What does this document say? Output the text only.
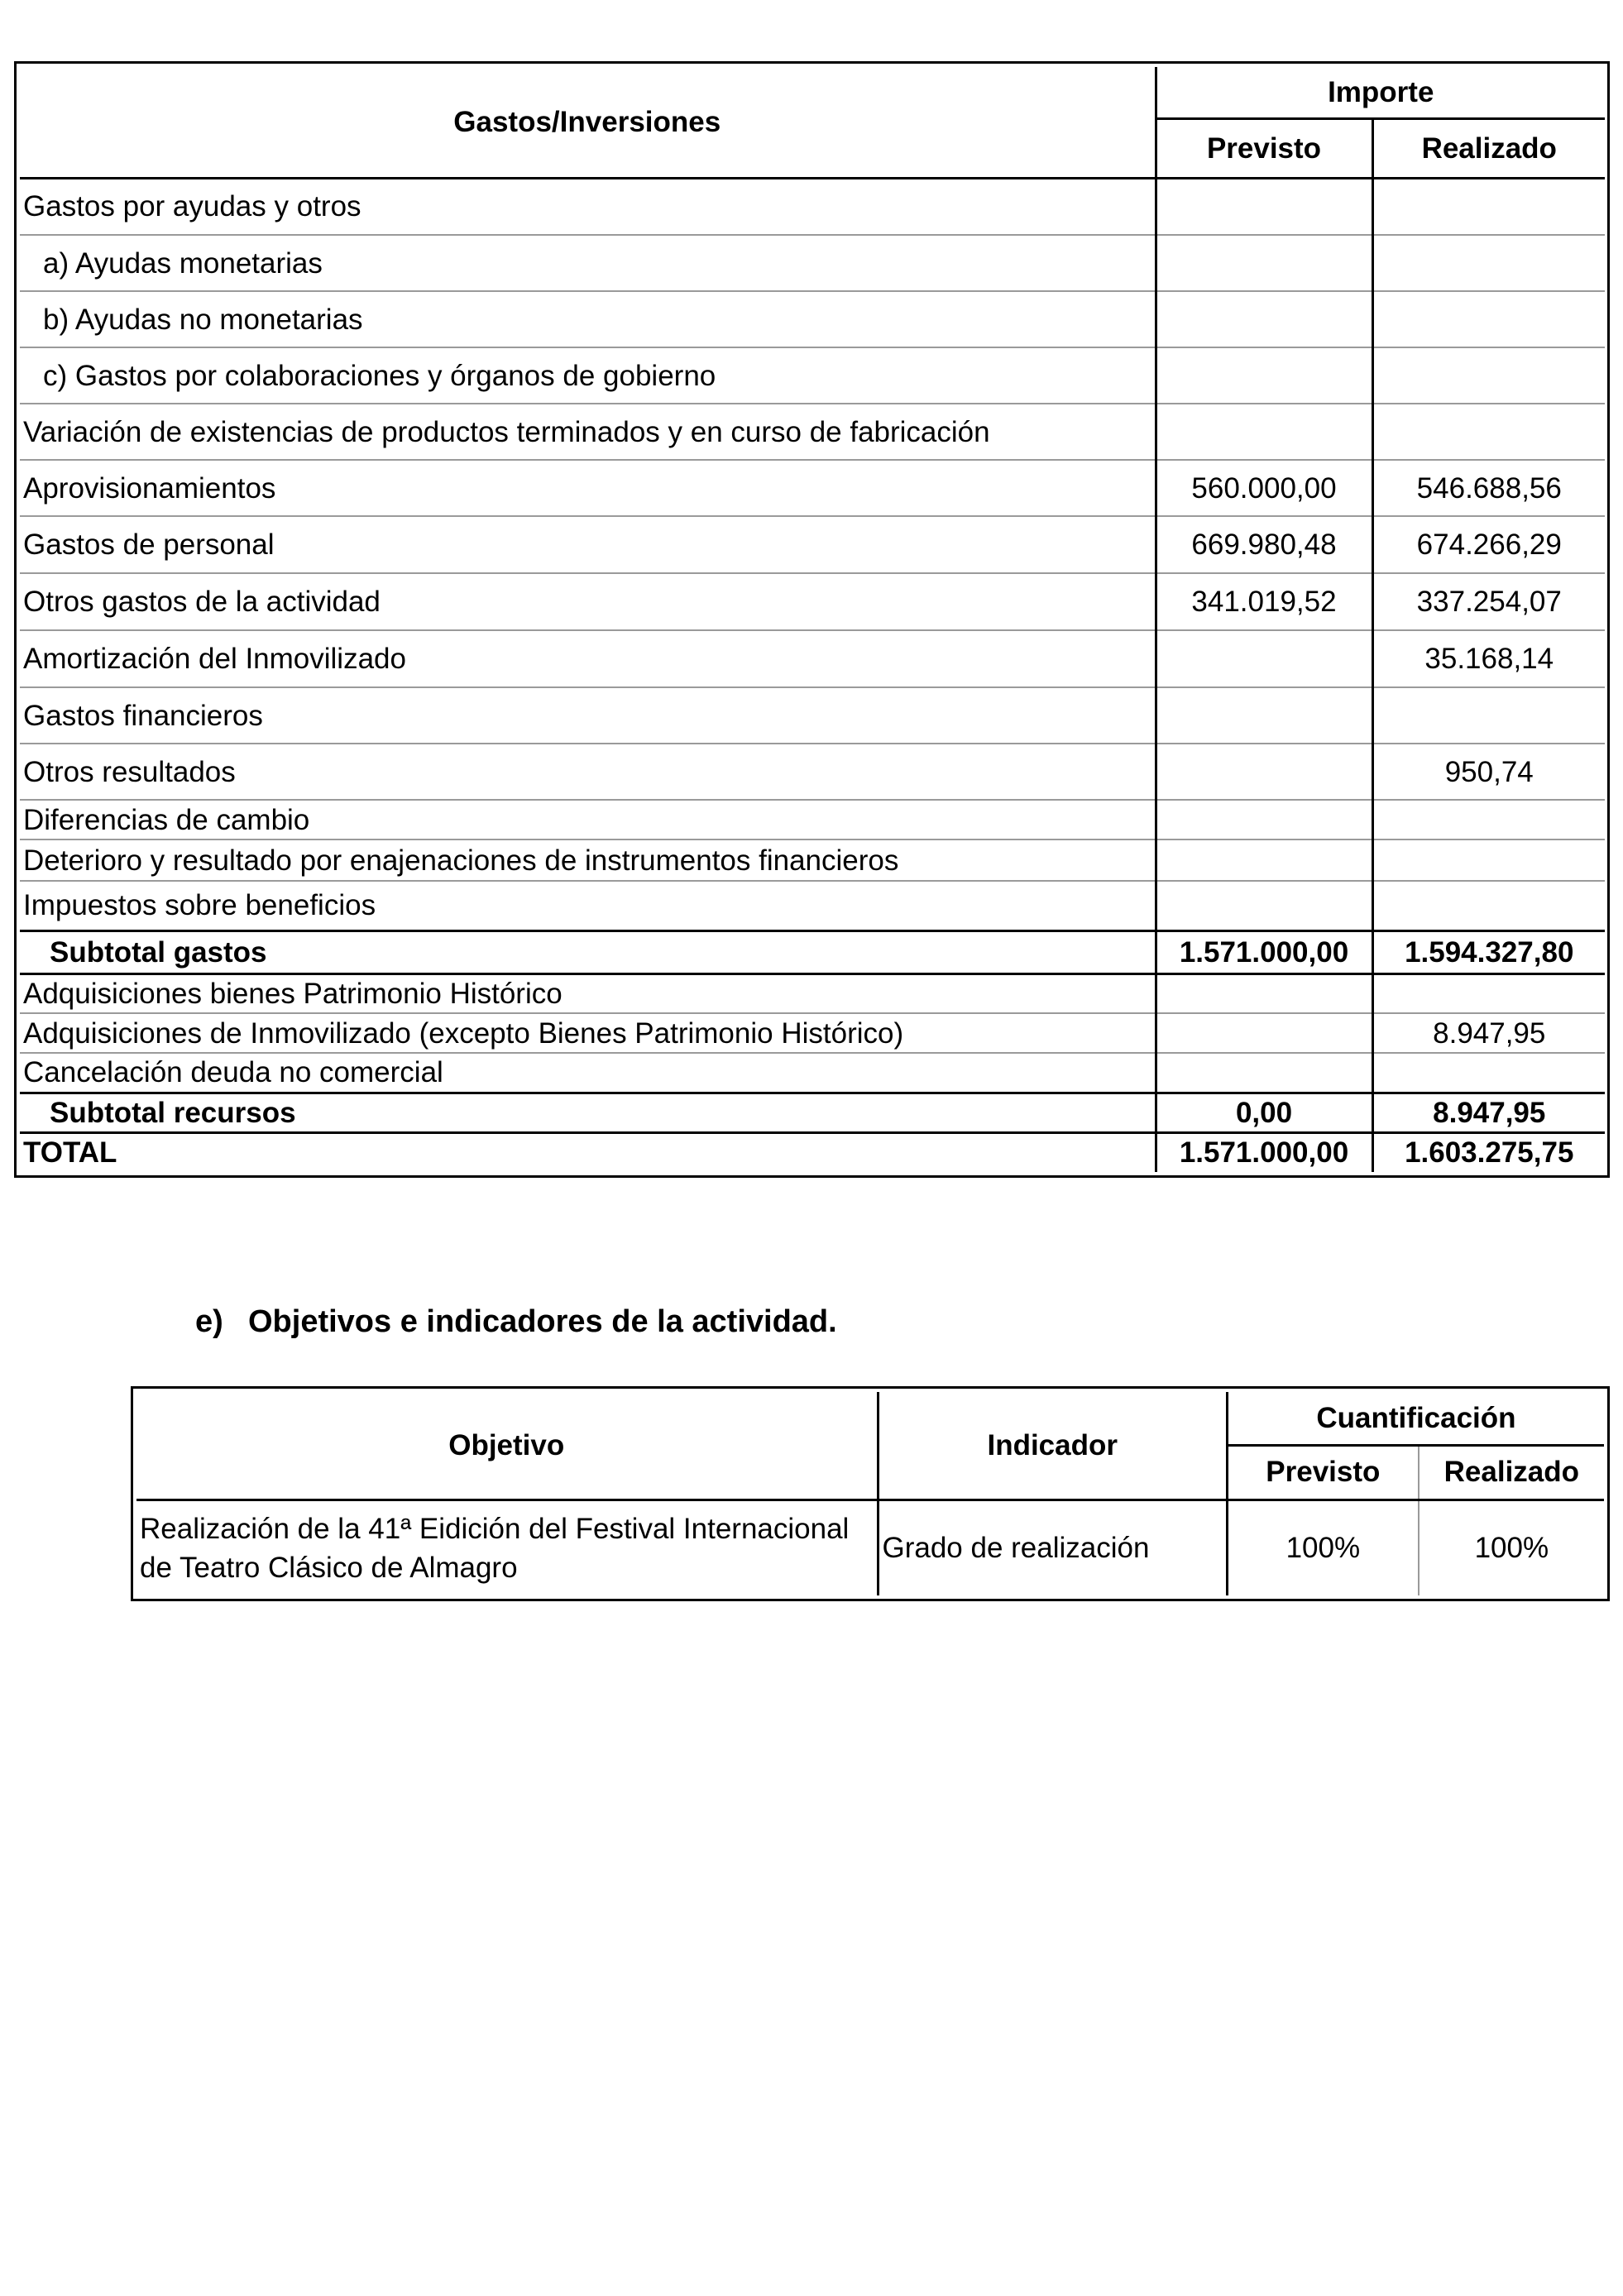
Gastos/Inversiones	Importe	
	Previsto	Realizado
Gastos por ayudas y otros		
a) Ayudas monetarias		
b) Ayudas no monetarias		
c) Gastos por colaboraciones y órganos de gobierno		
Variación de existencias de productos terminados y en curso de fabricación		
Aprovisionamientos	560.000,00	546.688,56
Gastos de personal	669.980,48	674.266,29
Otros gastos de la actividad	341.019,52	337.254,07
Amortización del Inmovilizado		35.168,14
Gastos financieros		
Otros resultados		950,74
Diferencias de cambio		
Deterioro y resultado por enajenaciones de instrumentos financieros		
Impuestos sobre beneficios		
Subtotal gastos	1.571.000,00	1.594.327,80
Adquisiciones bienes Patrimonio Histórico		
Adquisiciones de Inmovilizado (excepto Bienes Patrimonio Histórico)		8.947,95
Cancelación deuda no comercial		
Subtotal recursos	0,00	8.947,95
TOTAL	1.571.000,00	1.603.275,75
e) Objetivos e indicadores de la actividad.
Objetivo	Indicador	Cuantificación	
		Previsto	Realizado
Realización de la 41ª Eidición del Festival Internacional de Teatro Clásico de Almagro	Grado de realización	100%	100%
